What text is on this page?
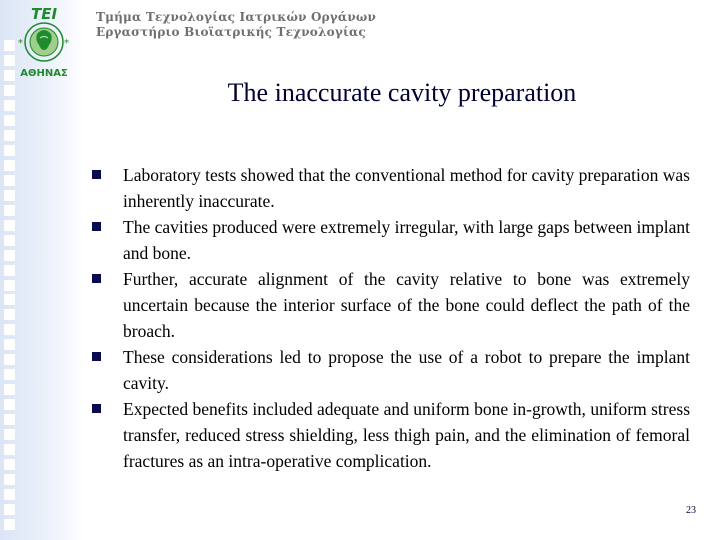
TEI
ΑΘΗΝΑΣ
*	*
Τμήμα Τεχνολογίας Ιατρικών Οργάνων
Εργαστήριο Βιοϊατρικής Τεχνολογίας
The inaccurate cavity preparation
Laboratory tests showed that the conventional method for cavity preparation was inherently inaccurate.
The cavities produced were extremely irregular, with large gaps between implant and bone.
Further, accurate alignment of the cavity relative to bone was extremely uncertain because the interior surface of the bone could deflect the path of the broach.
These considerations led to propose the use of a robot to prepare the implant cavity.
Expected benefits included adequate and uniform bone in-growth, uniform stress transfer, reduced stress shielding, less thigh pain, and the elimination of femoral fractures as an intra-operative complication.
23
